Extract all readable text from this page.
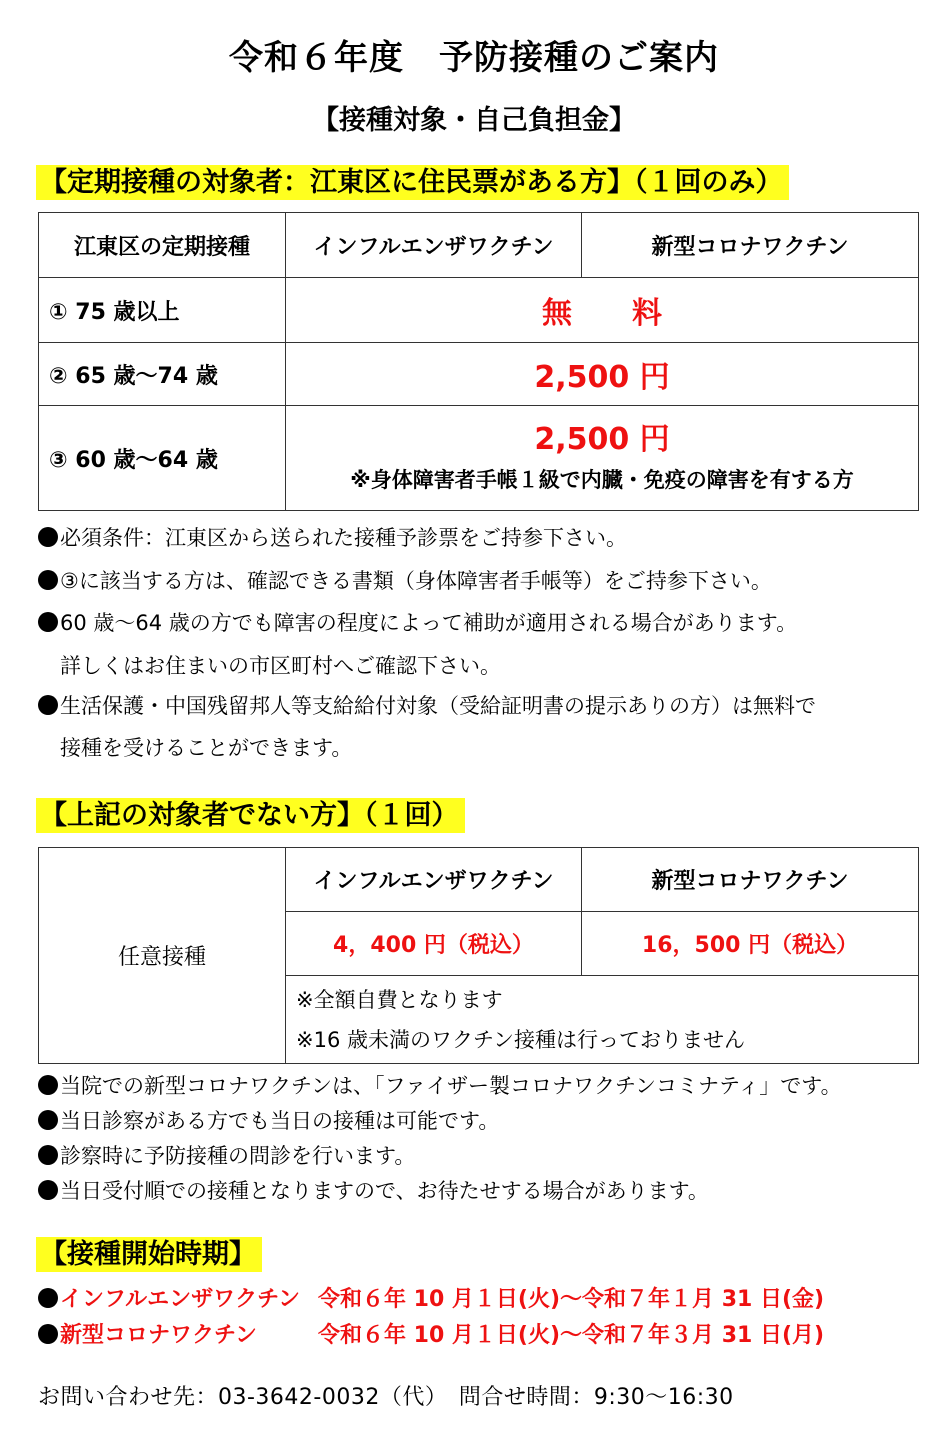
令和６年度　予防接種のご案内
【接種対象・自己負担金】
【定期接種の対象者：江東区に住民票がある方】（１回のみ）
江東区の定期接種	インフルエンザワクチン	新型コロナワクチン
① 75 歳以上	無　　料	
② 65 歳～74 歳	2,500 円	
③ 60 歳～64 歳	2,500 円
※身体障害者手帳１級で内臓・免疫の障害を有する方	
必須条件：江東区から送られた接種予診票をご持参下さい。
③に該当する方は、確認できる書類（身体障害者手帳等）をご持参下さい。
60 歳～64 歳の方でも障害の程度によって補助が適用される場合があります。
詳しくはお住まいの市区町村へご確認下さい。
生活保護・中国残留邦人等支給給付対象（受給証明書の提示ありの方）は無料で
接種を受けることができます。
【上記の対象者でない方】（１回）
任意接種	インフルエンザワクチン	新型コロナワクチン
	4，400 円（税込）	16，500 円（税込）

	※全額自費となります
※16 歳未満のワクチン接種は行っておりません	
当院での新型コロナワクチンは、「ファイザー製コロナワクチンコミナティ」です。
当日診察がある方でも当日の接種は可能です。
診察時に予防接種の問診を行います。
当日受付順での接種となりますので、お待たせする場合があります。
【接種開始時期】
インフルエンザワクチン 令和６年 10 月１日(火)～令和７年１月 31 日(金)
新型コロナワクチン	令和６年 10 月１日(火)～令和７年３月 31 日(月)
お問い合わせ先：03-3642-0032（代）　問合せ時間：9:30～16:30
